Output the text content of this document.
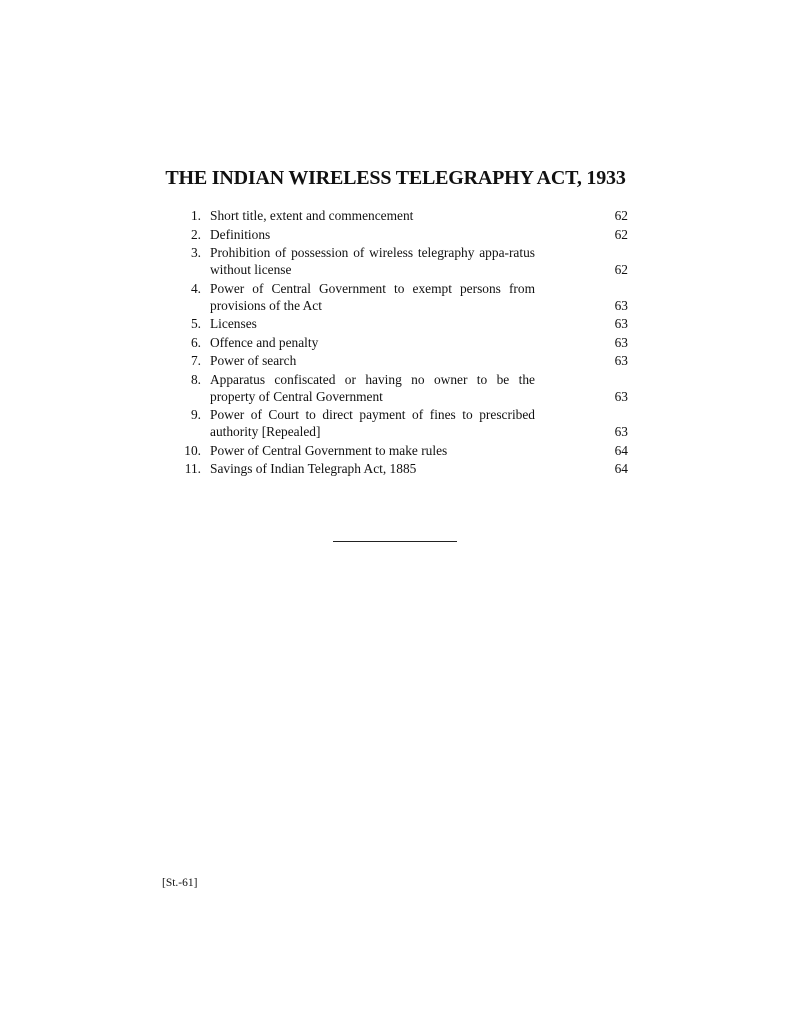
THE INDIAN WIRELESS TELEGRAPHY ACT, 1933
1. Short title, extent and commencement	62
2. Definitions	62
3. Prohibition of possession of wireless telegraphy appa-ratus without license	62
4. Power of Central Government to exempt persons from provisions of the Act	63
5. Licenses	63
6. Offence and penalty	63
7. Power of search	63
8. Apparatus confiscated or having no owner to be the property of Central Government	63
9. Power of Court to direct payment of fines to prescribed authority [Repealed]	63
10. Power of Central Government to make rules	64
11. Savings of Indian Telegraph Act, 1885	64
[St.-61]
